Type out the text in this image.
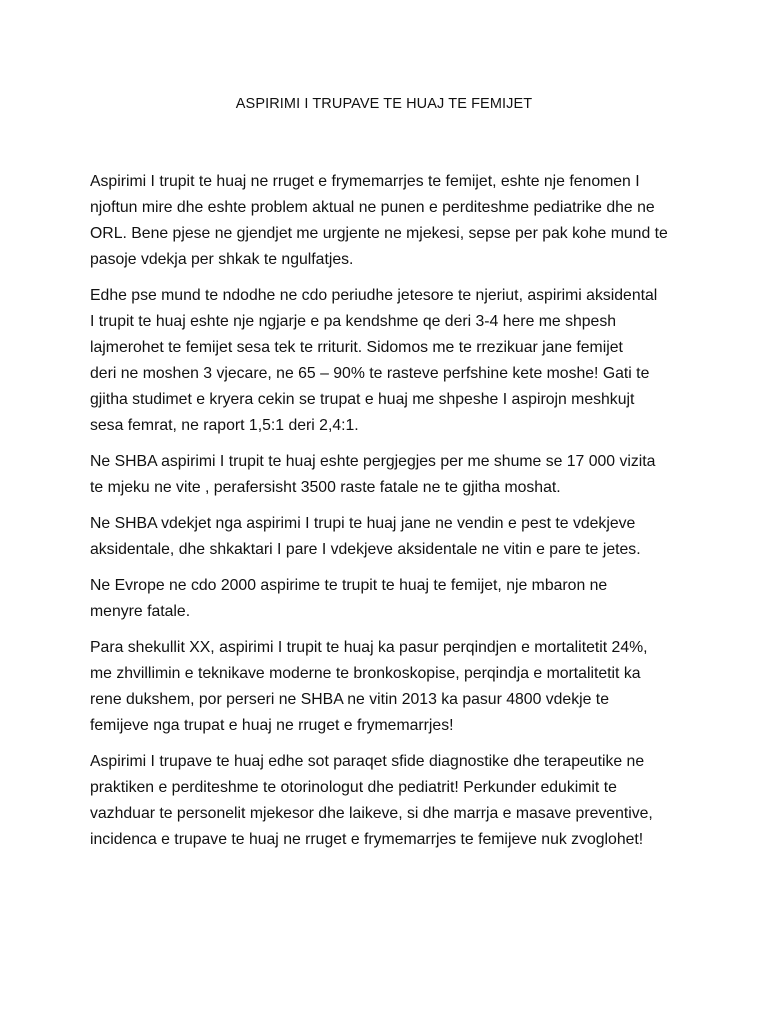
ASPIRIMI I TRUPAVE TE HUAJ TE FEMIJET

Aspirimi I trupit te huaj ne rruget e frymemarrjes te femijet, eshte nje fenomen I
njoftun mire dhe eshte problem aktual ne punen e perditeshme pediatrike dhe ne
ORL. Bene pjese ne gjendjet me urgjente ne mjekesi, sepse per pak kohe mund te
pasoje vdekja per shkak te ngulfatjes.

Edhe pse mund te ndodhe ne cdo periudhe jetesore te njeriut, aspirimi aksidental
I trupit te huaj eshte nje ngjarje e pa kendshme qe deri 3-4 here me shpesh
lajmerohet te femijet sesa tek te rriturit. Sidomos me te rrezikuar jane femijet
deri ne moshen 3 vjecare, ne 65 – 90% te rasteve perfshine kete moshe! Gati te
gjitha studimet e kryera cekin se trupat e huaj me shpeshe I aspirojn meshkujt
sesa femrat, ne raport 1,5:1 deri 2,4:1.

Ne SHBA aspirimi I trupit te huaj eshte pergjegjes per me shume se 17 000 vizita
te mjeku ne vite , perafersisht 3500 raste fatale ne te gjitha moshat.

Ne SHBA vdekjet nga aspirimi I trupi te huaj jane ne vendin e pest te vdekjeve
aksidentale, dhe shkaktari I pare I vdekjeve aksidentale ne vitin e pare te jetes.

Ne Evrope ne cdo 2000 aspirime te trupit te huaj te femijet, nje mbaron ne
menyre fatale.

Para shekullit XX, aspirimi I trupit te huaj ka pasur perqindjen e mortalitetit 24%,
me zhvillimin e teknikave moderne te bronkoskopise, perqindja e mortalitetit ka
rene dukshem, por perseri ne SHBA ne vitin 2013 ka pasur 4800 vdekje te
femijeve nga trupat e huaj ne rruget e frymemarrjes!

Aspirimi I trupave te huaj edhe sot paraqet sfide diagnostike dhe terapeutike ne
praktiken e perditeshme te otorinologut dhe pediatrit! Perkunder edukimit te
vazhduar te personelit mjekesor dhe laikeve, si dhe marrja e masave preventive,
incidenca e trupave te huaj ne rruget e frymemarrjes te femijeve nuk zvoglohet!
